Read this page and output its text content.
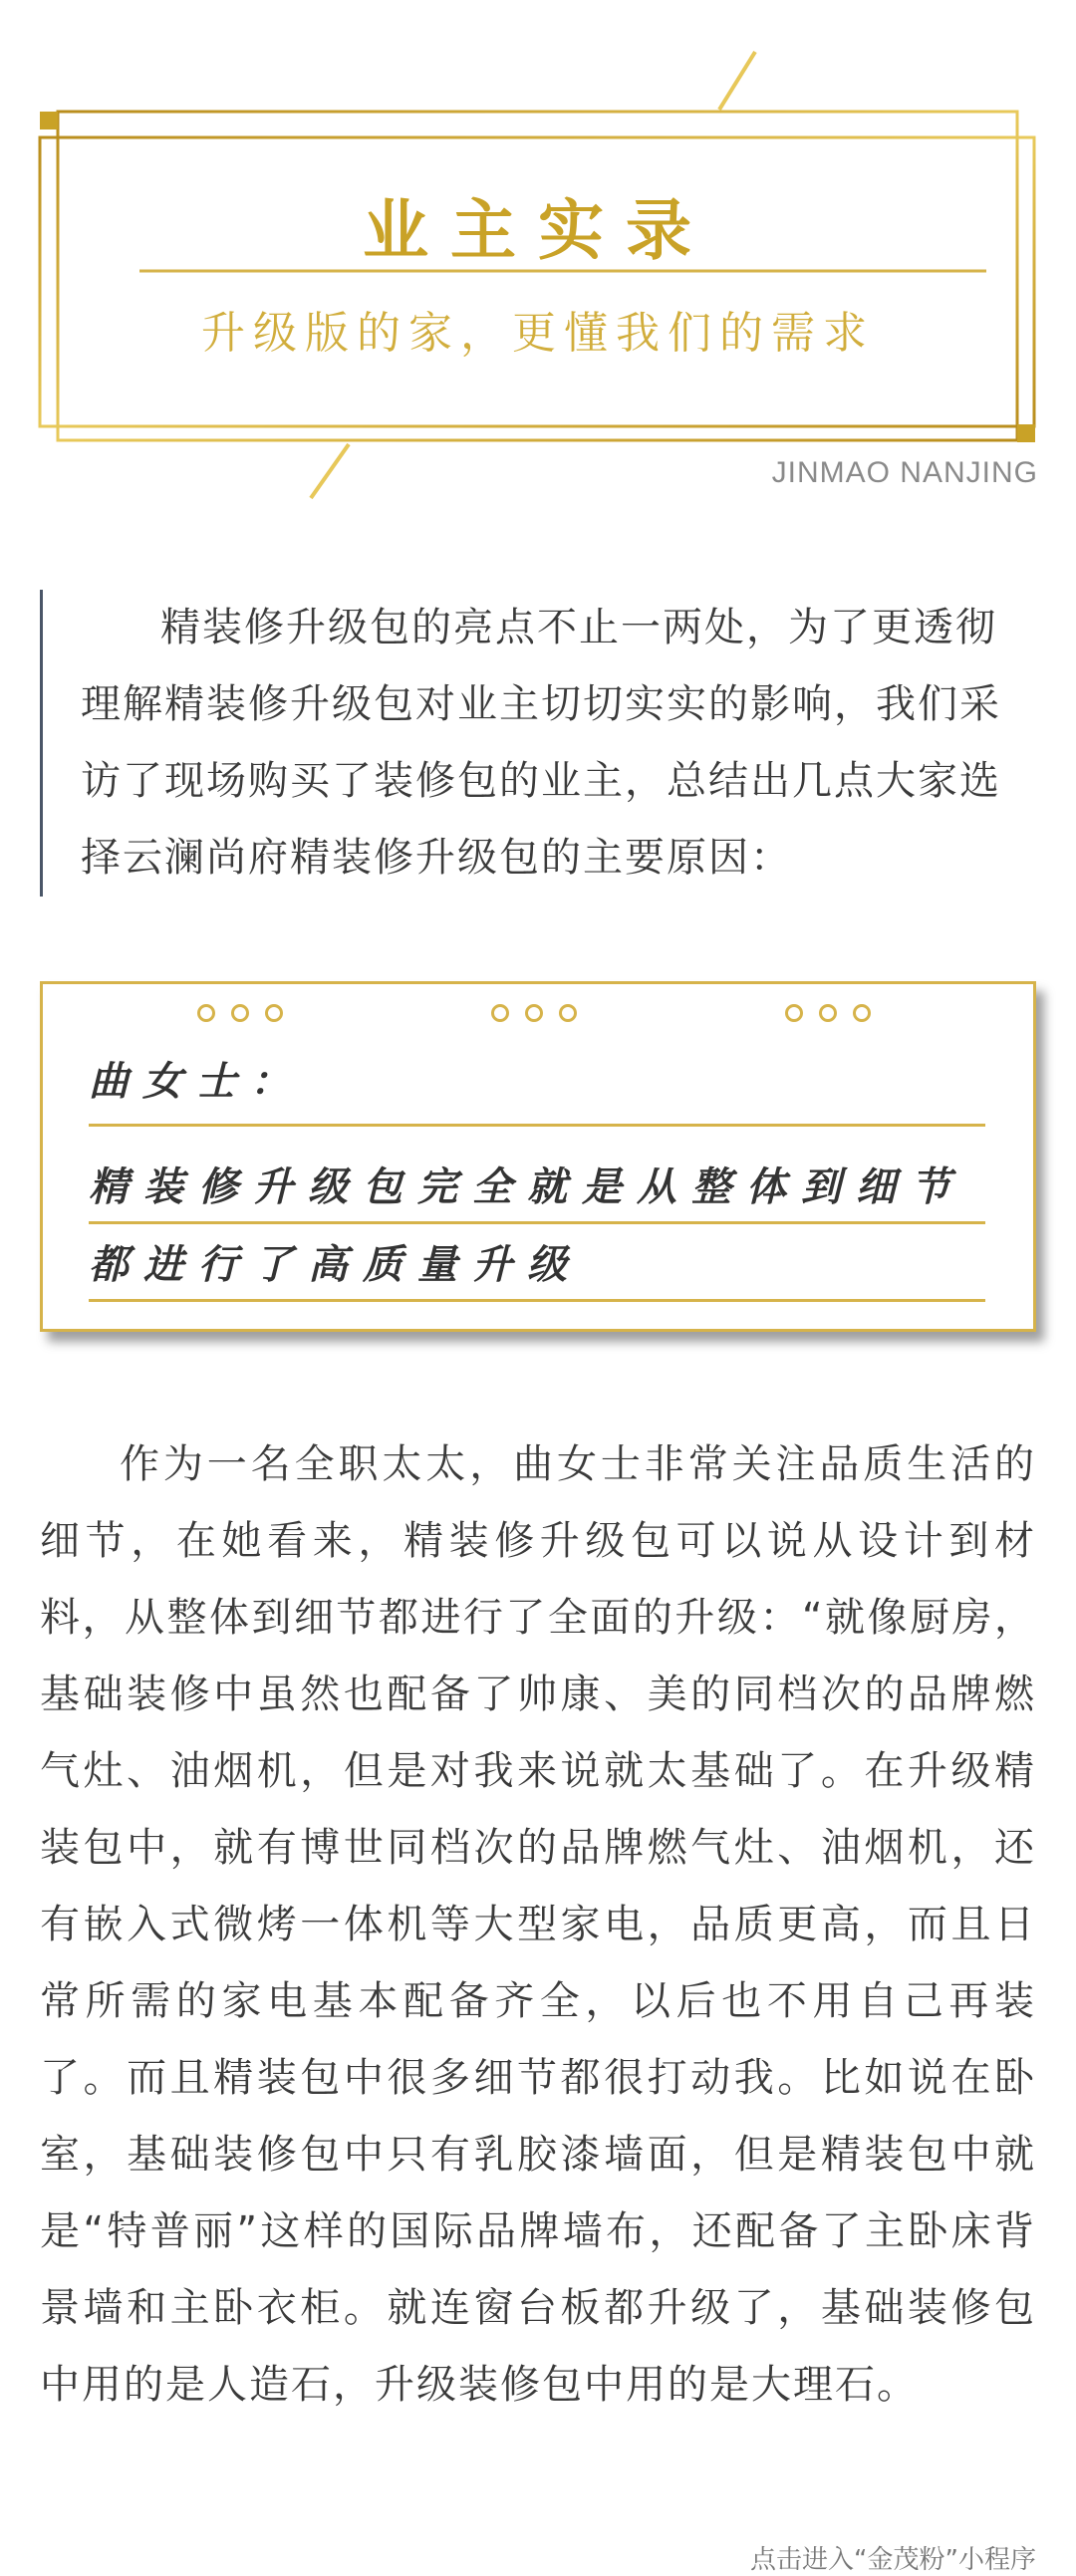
业主实录
升级版的家，更懂我们的需求
JINMAO NANJING

精装修升级包的亮点不止一两处，为了更透彻理解精装修升级包对业主切切实实的影响，我们采访了现场购买了装修包的业主，总结出几点大家选择云澜尚府精装修升级包的主要原因：

曲女士：
精装修升级包完全就是从整体到细节
都进行了高质量升级

作为一名全职太太，曲女士非常关注品质生活的细节，在她看来，精装修升级包可以说从设计到材料，从整体到细节都进行了全面的升级：“就像厨房，基础装修中虽然也配备了帅康、美的同档次的品牌燃气灶、油烟机，但是对我来说就太基础了。在升级精装包中，就有博世同档次的品牌燃气灶、油烟机，还有嵌入式微烤一体机等大型家电，品质更高，而且日常所需的家电基本配备齐全，以后也不用自己再装了。而且精装包中很多细节都很打动我。比如说在卧室，基础装修包中只有乳胶漆墙面，但是精装包中就是“特普丽”这样的国际品牌墙布，还配备了主卧床背景墙和主卧衣柜。就连窗台板都升级了，基础装修包中用的是人造石，升级装修包中用的是大理石。

点击进入“金茂粉”小程序
